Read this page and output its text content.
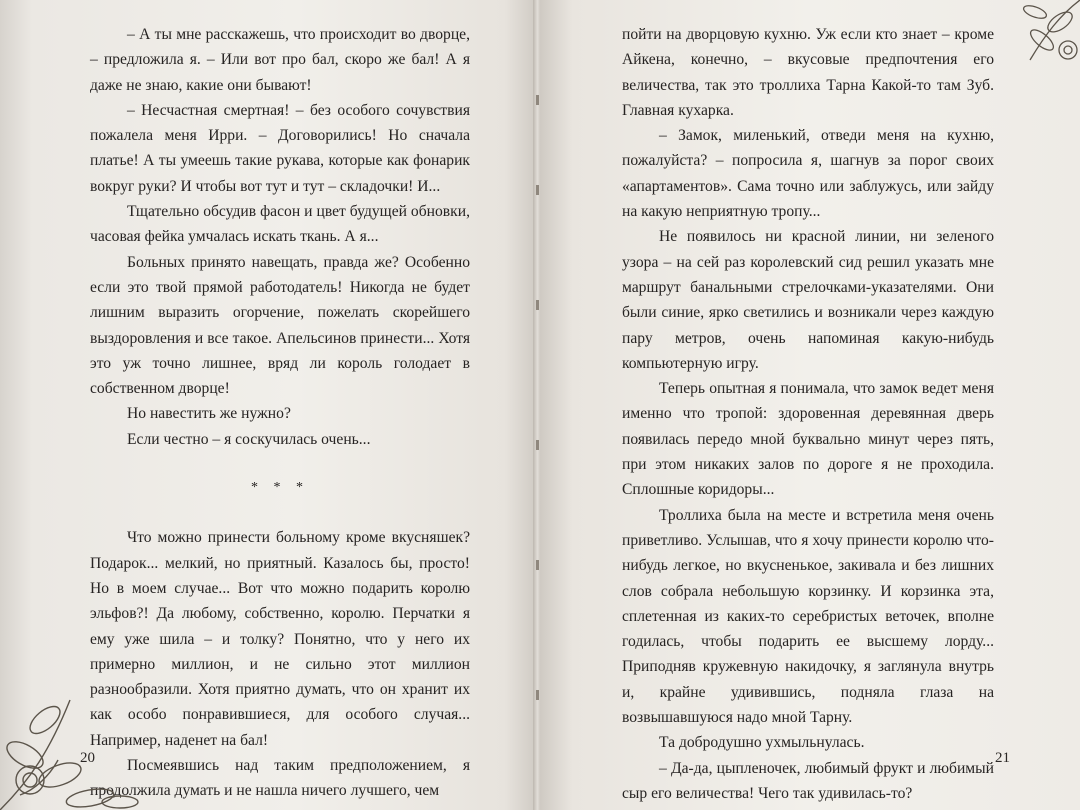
– А ты мне расскажешь, что происходит во дворце, – предложила я. – Или вот про бал, скоро же бал! А я даже не знаю, какие они бывают!

– Несчастная смертная! – без особого сочувствия пожалела меня Ирри. – Договорились! Но сначала платье! А ты умеешь такие рукава, которые как фонарик вокруг руки? И чтобы вот тут и тут – складочки! И...

Тщательно обсудив фасон и цвет будущей обновки, часовая фейка умчалась искать ткань. А я...

Больных принято навещать, правда же? Особенно если это твой прямой работодатель! Никогда не будет лишним выразить огорчение, пожелать скорейшего выздоровления и все такое. Апельсинов принести... Хотя это уж точно лишнее, вряд ли король голодает в собственном дворце!

Но навестить же нужно?

Если честно – я соскучилась очень...

* * *

Что можно принести больному кроме вкусняшек? Подарок... мелкий, но приятный. Казалось бы, просто! Но в моем случае... Вот что можно подарить королю эльфов?! Да любому, собственно, королю. Перчатки я ему уже шила – и толку? Понятно, что у него их примерно миллион, и не сильно этот миллион разнообразили. Хотя приятно думать, что он хранит их как особо понравившиеся, для особого случая... Например, наденет на бал!

Посмеявшись над таким предположением, я продолжила думать и не нашла ничего лучшего, чем

20

пойти на дворцовую кухню. Уж если кто знает – кроме Айкена, конечно, – вкусовые предпочтения его величества, так это троллиха Тарна Какой-то там Зуб. Главная кухарка.

– Замок, миленький, отведи меня на кухню, пожалуйста? – попросила я, шагнув за порог своих «апартаментов». Сама точно или заблужусь, или зайду на какую неприятную тропу...

Не появилось ни красной линии, ни зеленого узора – на сей раз королевский сид решил указать мне маршрут банальными стрелочками-указателями. Они были синие, ярко светились и возникали через каждую пару метров, очень напоминая какую-нибудь компьютерную игру.

Теперь опытная я понимала, что замок ведет меня именно что тропой: здоровенная деревянная дверь появилась передо мной буквально минут через пять, при этом никаких залов по дороге я не проходила. Сплошные коридоры...

Троллиха была на месте и встретила меня очень приветливо. Услышав, что я хочу принести королю что-нибудь легкое, но вкусненькое, закивала и без лишних слов собрала небольшую корзинку. И корзинка эта, сплетенная из каких-то серебристых веточек, вполне годилась, чтобы подарить ее высшему лорду... Приподняв кружевную накидочку, я заглянула внутрь и, крайне удивившись, подняла глаза на возвышавшуюся надо мной Тарну.

Та добродушно ухмыльнулась.

– Да-да, цыпленочек, любимый фрукт и любимый сыр его величества! Чего так удивилась-то?

21
